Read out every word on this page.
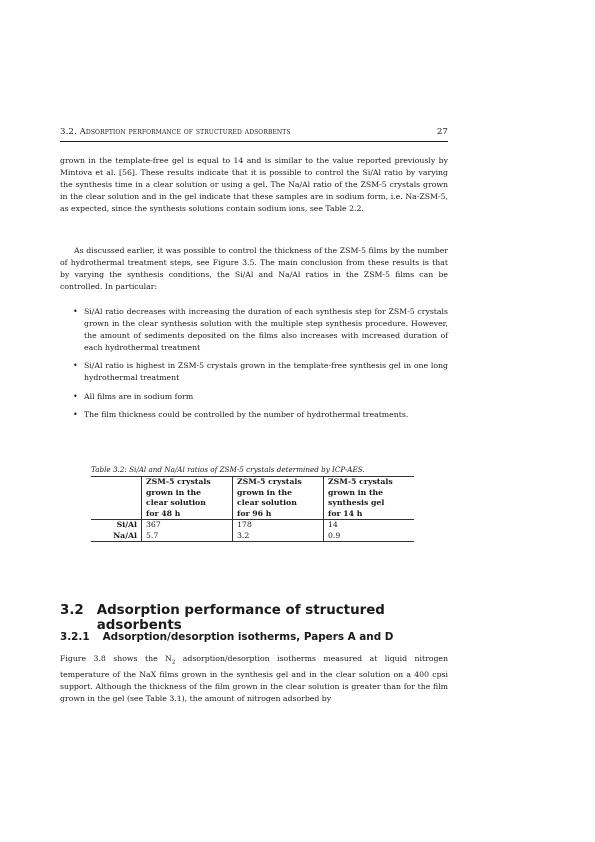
3.2. Adsorption performance of structured adsorbents	27

grown in the template-free gel is equal to 14 and is similar to the value reported previously by Mintova et al. [56]. These results indicate that it is possible to control the Si/Al ratio by varying the synthesis time in a clear solution or using a gel. The Na/Al ratio of the ZSM-5 crystals grown in the clear solution and in the gel indicate that these samples are in sodium form, i.e. Na-ZSM-5, as expected, since the synthesis solutions contain sodium ions, see Table 2.2.

As discussed earlier, it was possible to control the thickness of the ZSM-5 films by the number of hydrothermal treatment steps, see Figure 3.5. The main conclusion from these results is that by varying the synthesis conditions, the Si/Al and Na/Al ratios in the ZSM-5 films can be controlled. In particular:

• Si/Al ratio decreases with increasing the duration of each synthesis step for ZSM-5 crystals grown in the clear synthesis solution with the multiple step synthesis procedure. However, the amount of sediments deposited on the films also increases with increased duration of each hydrothermal treatment
• Si/Al ratio is highest in ZSM-5 crystals grown in the template-free synthesis gel in one long hydrothermal treatment
• All films are in sodium form
• The film thickness could be controlled by the number of hydrothermal treatments.
Table 3.2: Si/Al and Na/Al ratios of ZSM-5 crystals determined by ICP-AES.
	ZSM-5 crystals
grown in the
clear solution
for 48 h	ZSM-5 crystals
grown in the
clear solution
for 96 h	ZSM-5 crystals
grown in the
synthesis gel
for 14 h
Si/Al	367	178	14
Na/Al	5.7	3.2	0.9
3.2 Adsorption performance of structured adsorbents
3.2.1 Adsorption/desorption isotherms, Papers A and D

Figure 3.8 shows the $N_2$ adsorption/desorption isotherms measured at liquid nitrogen temperature of the NaX films grown in the synthesis gel and in the clear solution on a 400 cpsi support. Although the thickness of the film grown in the clear solution is greater than for the film grown in the gel (see Table 3.1), the amount of nitrogen adsorbed by
